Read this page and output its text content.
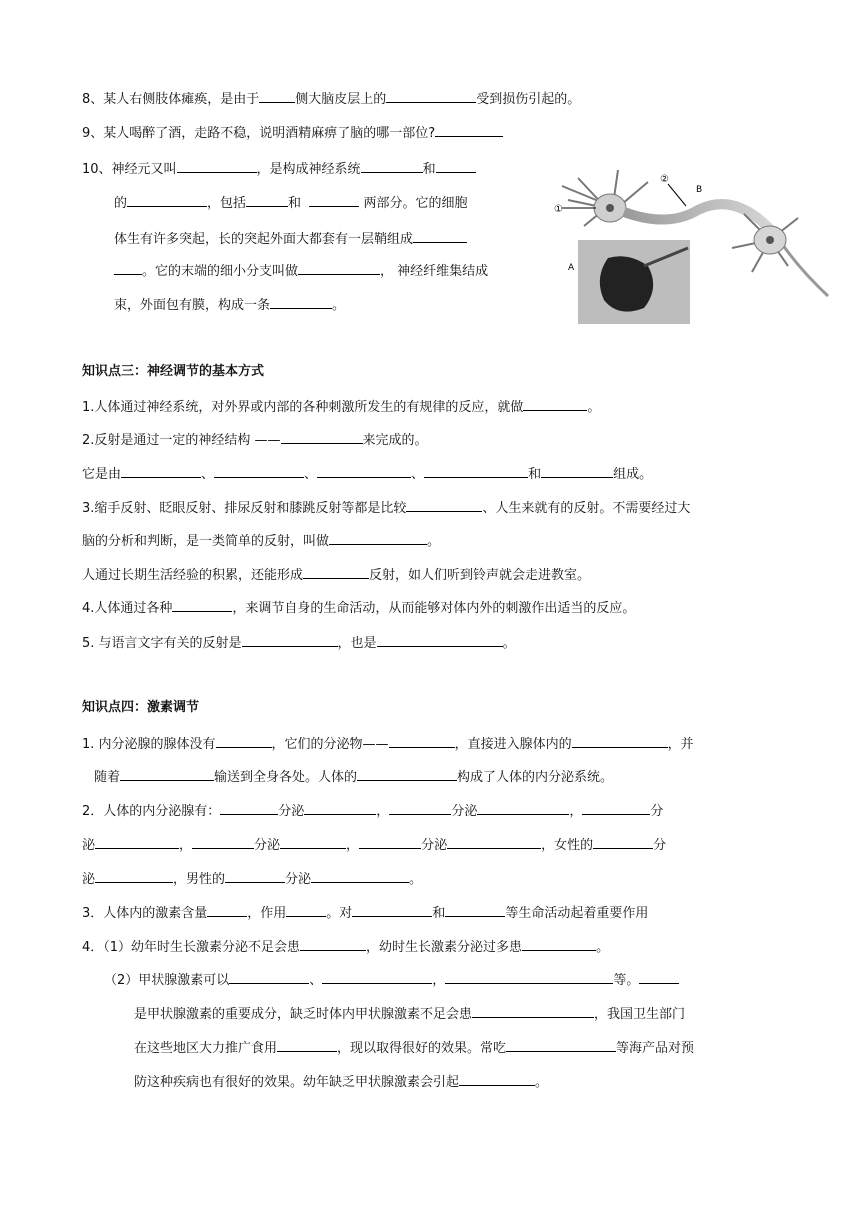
8、某人右侧肢体瘫痪，是由于	侧大脑皮层上的	受到损伤引起的。
9、某人喝醉了酒，走路不稳，说明酒精麻痹了脑的哪一部位?
10、神经元又叫	，是构成神经系统	和
的	，包括	和	两部分。它的细胞
体生有许多突起，长的突起外面大都套有一层鞘组成
。它的末端的细小分支叫做	， 神经纤维集结成
束，外面包有膜，构成一条	。
①
②
B
A
知识点三：神经调节的基本方式
1.人体通过神经系统，对外界或内部的各种刺激所发生的有规律的反应，就做	。
2.反射是通过一定的神经结构 ——	来完成的。
它是由	、	、	、	和	组成。
3.缩手反射、眨眼反射、排尿反射和膝跳反射等都是比较	、人生来就有的反射。不需要经过大
脑的分析和判断，是一类简单的反射，叫做	。
人通过长期生活经验的积累，还能形成	反射，如人们听到铃声就会走进教室。
4.人体通过各种	，来调节自身的生命活动，从而能够对体内外的刺激作出适当的反应。
5. 与语言文字有关的反射是	，也是	。
知识点四：激素调节
1. 内分泌腺的腺体没有	，它们的分泌物——	，直接进入腺体内的	，并
随着	输送到全身各处。人体的	构成了人体的内分泌系统。
2．人体的内分泌腺有：	分泌	，	分泌	，	分
泌	，	分泌	，	分泌	，女性的	分
泌	，男性的	分泌	。
3．人体内的激素含量	，作用	。对	和	等生命活动起着重要作用
4．（1）幼年时生长激素分泌不足会患	，幼时生长激素分泌过多患	。
（2）甲状腺激素可以	、	，	等。
是甲状腺激素的重要成分，缺乏时体内甲状腺激素不足会患	，我国卫生部门
在这些地区大力推广食用	，现以取得很好的效果。常吃	等海产品对预
防这种疾病也有很好的效果。幼年缺乏甲状腺激素会引起	。
